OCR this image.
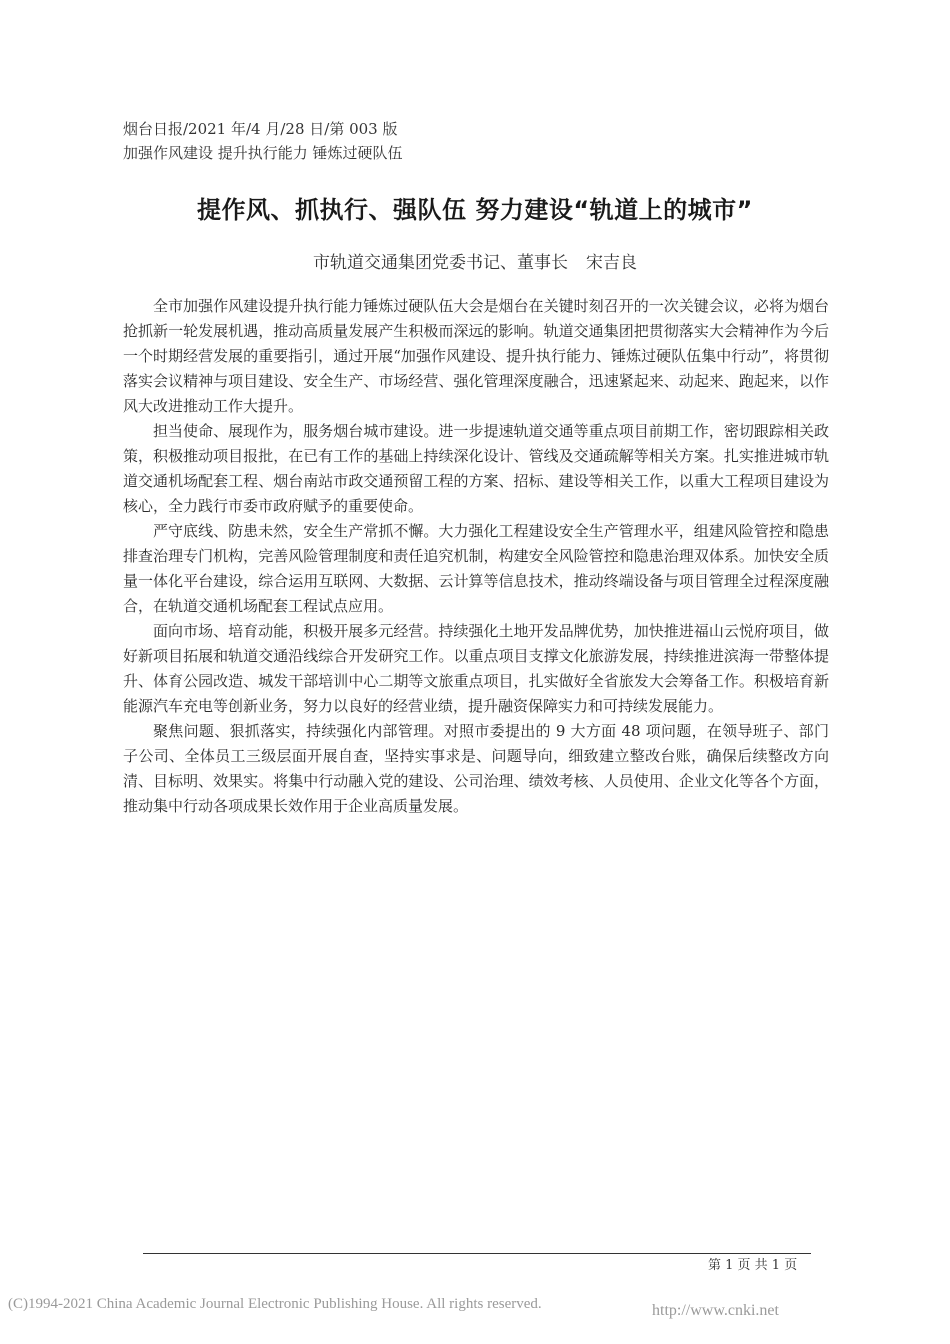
烟台日报/2021 年/4 月/28 日/第 003 版
加强作风建设 提升执行能力 锤炼过硬队伍
提作风、抓执行、强队伍 努力建设“轨道上的城市”
市轨道交通集团党委书记、董事长 宋吉良

全市加强作风建设提升执行能力锤炼过硬队伍大会是烟台在关键时刻召开的一次关键会议，必将为烟台抢抓新一轮发展机遇，推动高质量发展产生积极而深远的影响。轨道交通集团把贯彻落实大会精神作为今后一个时期经营发展的重要指引，通过开展“加强作风建设、提升执行能力、锤炼过硬队伍集中行动”，将贯彻落实会议精神与项目建设、安全生产、市场经营、强化管理深度融合，迅速紧起来、动起来、跑起来，以作风大改进推动工作大提升。

担当使命、展现作为，服务烟台城市建设。进一步提速轨道交通等重点项目前期工作，密切跟踪相关政策，积极推动项目报批，在已有工作的基础上持续深化设计、管线及交通疏解等相关方案。扎实推进城市轨道交通机场配套工程、烟台南站市政交通预留工程的方案、招标、建设等相关工作，以重大工程项目建设为核心，全力践行市委市政府赋予的重要使命。

严守底线、防患未然，安全生产常抓不懈。大力强化工程建设安全生产管理水平，组建风险管控和隐患排查治理专门机构，完善风险管理制度和责任追究机制，构建安全风险管控和隐患治理双体系。加快安全质量一体化平台建设，综合运用互联网、大数据、云计算等信息技术，推动终端设备与项目管理全过程深度融合，在轨道交通机场配套工程试点应用。

面向市场、培育动能，积极开展多元经营。持续强化土地开发品牌优势，加快推进福山云悦府项目，做好新项目拓展和轨道交通沿线综合开发研究工作。以重点项目支撑文化旅游发展，持续推进滨海一带整体提升、体育公园改造、城发干部培训中心二期等文旅重点项目，扎实做好全省旅发大会筹备工作。积极培育新能源汽车充电等创新业务，努力以良好的经营业绩，提升融资保障实力和可持续发展能力。

聚焦问题、狠抓落实，持续强化内部管理。对照市委提出的 9 大方面 48 项问题，在领导班子、部门子公司、全体员工三级层面开展自查，坚持实事求是、问题导向，细致建立整改台账，确保后续整改方向清、目标明、效果实。将集中行动融入党的建设、公司治理、绩效考核、人员使用、企业文化等各个方面，推动集中行动各项成果长效作用于企业高质量发展。

第 1 页 共 1 页
(C)1994-2021 China Academic Journal Electronic Publishing House. All rights reserved.	http://www.cnki.net
